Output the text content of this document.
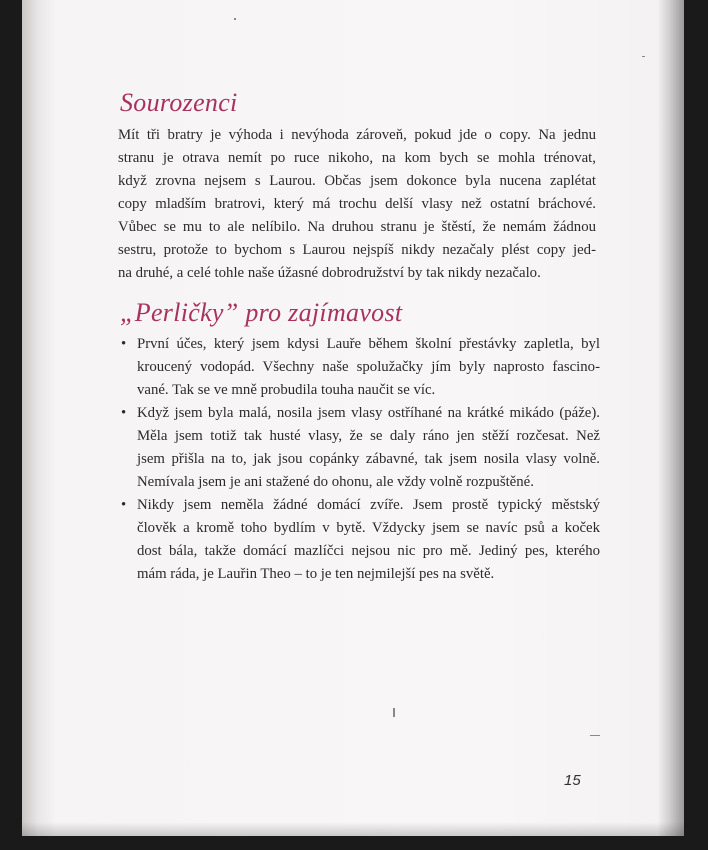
Sourozenci

Mít tři bratry je výhoda i nevýhoda zároveň, pokud jde o copy. Na jednu
stranu je otrava nemít po ruce nikoho, na kom bych se mohla trénovat,
když zrovna nejsem s Laurou. Občas jsem dokonce byla nucena zaplétat
copy mladším bratrovi, který má trochu delší vlasy než ostatní bráchové.
Vůbec se mu to ale nelíbilo. Na druhou stranu je štěstí, že nemám žádnou
sestru, protože to bychom s Laurou nejspíš nikdy nezačaly plést copy jed-
na druhé, a celé tohle naše úžasné dobrodružství by tak nikdy nezačalo.

„Perličky” pro zajímavost
• První účes, který jsem kdysi Lauře během školní přestávky zapletla, byl
kroucený vodopád. Všechny naše spolužačky jím byly naprosto fascino-
vané. Tak se ve mně probudila touha naučit se víc.
• Když jsem byla malá, nosila jsem vlasy ostříhané na krátké mikádo (páže).
Měla jsem totiž tak husté vlasy, že se daly ráno jen stěží rozčesat. Než
jsem přišla na to, jak jsou copánky zábavné, tak jsem nosila vlasy volně.
Nemívala jsem je ani stažené do ohonu, ale vždy volně rozpuštěné.
• Nikdy jsem neměla žádné domácí zvíře. Jsem prostě typický městský
člověk a kromě toho bydlím v bytě. Vždycky jsem se navíc psů a koček
dost bála, takže domácí mazlíčci nejsou nic pro mě. Jediný pes, kterého
mám ráda, je Lauřin Theo – to je ten nejmilejší pes na světě.
15
